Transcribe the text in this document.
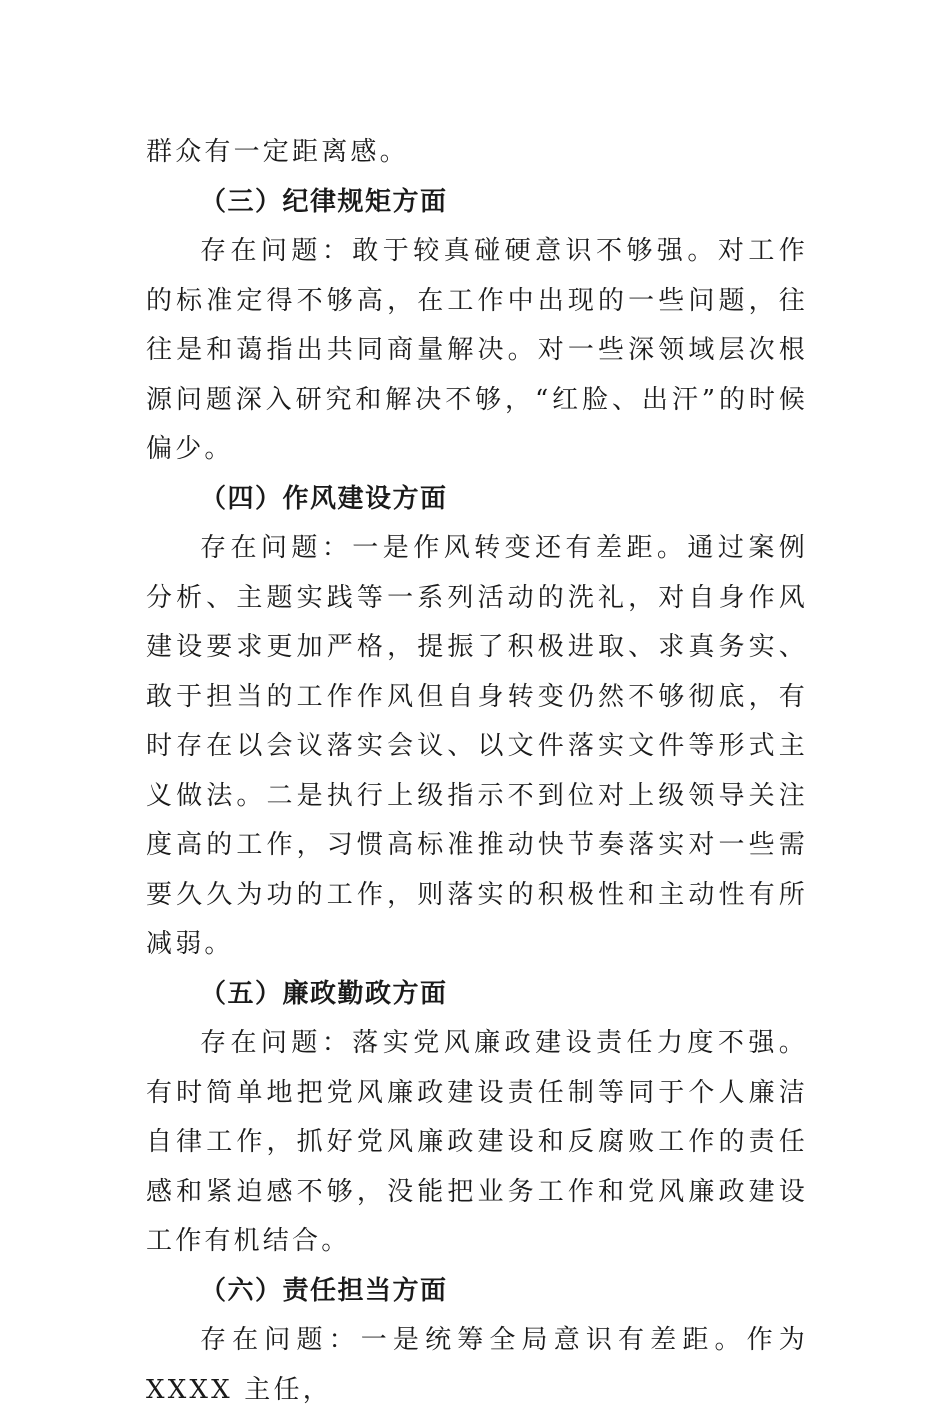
群众有一定距离感。

（三）纪律规矩方面

存在问题：敢于较真碰硬意识不够强。对工作的标准定得不够高，在工作中出现的一些问题，往往是和蔼指出共同商量解决。对一些深领域层次根源问题深入研究和解决不够，“红脸、出汗”的时候偏少。

（四）作风建设方面

存在问题：一是作风转变还有差距。通过案例分析、主题实践等一系列活动的洗礼，对自身作风建设要求更加严格，提振了积极进取、求真务实、敢于担当的工作作风但自身转变仍然不够彻底，有时存在以会议落实会议、以文件落实文件等形式主义做法。二是执行上级指示不到位对上级领导关注度高的工作，习惯高标准推动快节奏落实对一些需要久久为功的工作，则落实的积极性和主动性有所减弱。

（五）廉政勤政方面

存在问题：落实党风廉政建设责任力度不强。有时简单地把党风廉政建设责任制等同于个人廉洁自律工作，抓好党风廉政建设和反腐败工作的责任感和紧迫感不够，没能把业务工作和党风廉政建设工作有机结合。

（六）责任担当方面

存在问题：一是统筹全局意识有差距。作为 XXXX 主任，
